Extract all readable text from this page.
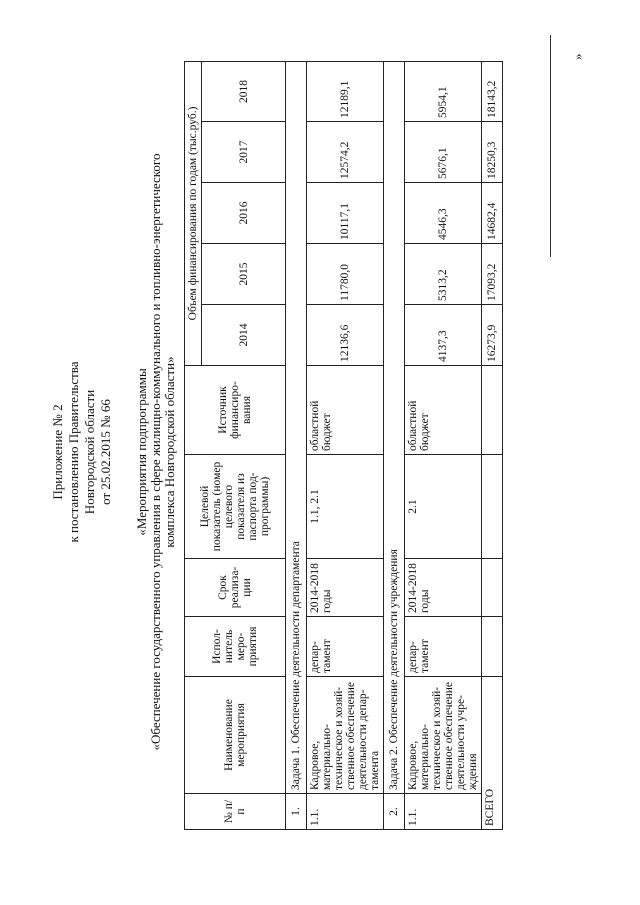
Приложение № 2 к постановлению Правительства Новгородской области от 25.02.2015 № 66 «Мероприятия подпрограммы «Обеспечение государственного управления в сфере жилищно-коммунального и топливно-энергетического комплекса Новгородской области»
№ п/п	Наименование мероприятия	Испол-нитель меро-приятия	Срок реализа-ции	Целевой показатель (номер целевого показателя из паспорта под-программы)	Источник финансиро-вания	Объем финансирования по годам (тыс.руб.)				
						2014	2015	2016	2017	2018
1.	Задача 1. Обеспечение деятельности департамента									
1.1.	Кадровое, материально-техническое и хозяй-ственное обеспечение деятельности депар-тамента	депар-тамент	2014-2018 годы	1.1, 2.1	областной бюджет	12136,6	11780,0	10117,1	12574,2	12189,1
2.	Задача 2. Обеспечение деятельности учреждения									
1.1.	Кадровое, материально-техническое и хозяй-ственное обеспечение деятельности учре-ждения	депар-тамент	2014-2018 годы	2.1	областной бюджет	4137,3	5313,2	4546,3	5676,1	5954,1
ВСЕГО						16273,9	17093,2	14682,4	18250,3	18143,2
»
